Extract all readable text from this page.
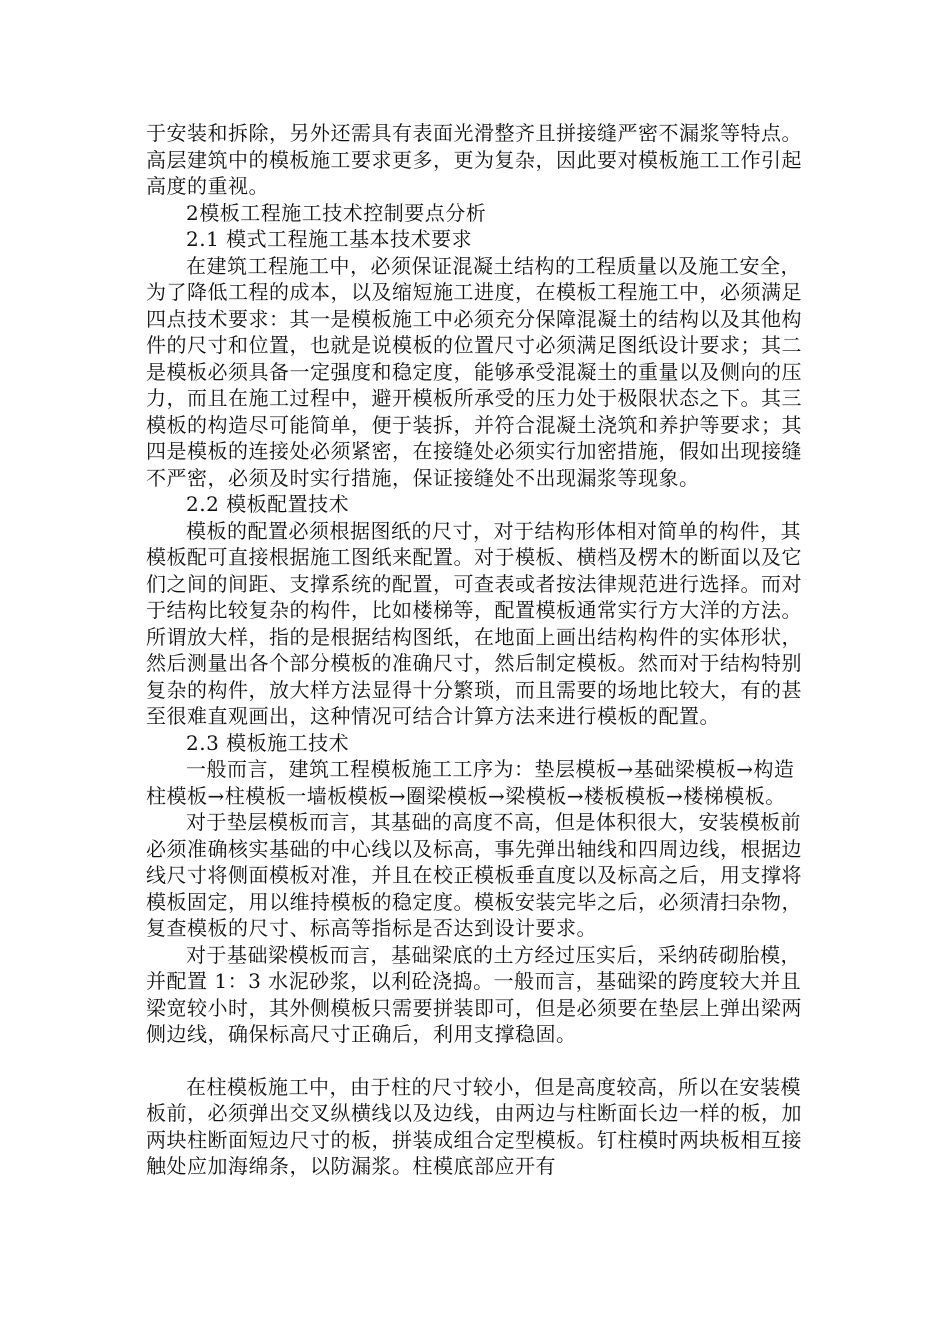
于安装和拆除，另外还需具有表面光滑整齐且拼接缝严密不漏浆等特点。高层建筑中的模板施工要求更多，更为复杂，因此要对模板施工工作引起高度的重视。

2模板工程施工技术控制要点分析

2.1 模式工程施工基本技术要求

在建筑工程施工中，必须保证混凝土结构的工程质量以及施工安全，为了降低工程的成本，以及缩短施工进度，在模板工程施工中，必须满足四点技术要求：其一是模板施工中必须充分保障混凝土的结构以及其他构件的尺寸和位置，也就是说模板的位置尺寸必须满足图纸设计要求；其二是模板必须具备一定强度和稳定度，能够承受混凝土的重量以及侧向的压力，而且在施工过程中，避开模板所承受的压力处于极限状态之下。其三模板的构造尽可能简单，便于装拆，并符合混凝土浇筑和养护等要求；其四是模板的连接处必须紧密，在接缝处必须实行加密措施，假如出现接缝不严密，必须及时实行措施，保证接缝处不出现漏浆等现象。

2.2 模板配置技术

模板的配置必须根据图纸的尺寸，对于结构形体相对简单的构件，其模板配可直接根据施工图纸来配置。对于模板、横档及楞木的断面以及它们之间的间距、支撑系统的配置，可查表或者按法律规范进行选择。而对于结构比较复杂的构件，比如楼梯等，配置模板通常实行方大洋的方法。所谓放大样，指的是根据结构图纸，在地面上画出结构构件的实体形状，然后测量出各个部分模板的准确尺寸，然后制定模板。然而对于结构特别复杂的构件，放大样方法显得十分繁琐，而且需要的场地比较大，有的甚至很难直观画出，这种情况可结合计算方法来进行模板的配置。

2.3 模板施工技术

一般而言，建筑工程模板施工工序为：垫层模板→基础梁模板→构造柱模板→柱模板一墙板模板→圈梁模板→梁模板→楼板模板→楼梯模板。

对于垫层模板而言，其基础的高度不高，但是体积很大，安装模板前必须准确核实基础的中心线以及标高，事先弹出轴线和四周边线，根据边线尺寸将侧面模板对准，并且在校正模板垂直度以及标高之后，用支撑将模板固定，用以维持模板的稳定度。模板安装完毕之后，必须清扫杂物，复查模板的尺寸、标高等指标是否达到设计要求。

对于基础梁模板而言，基础梁底的土方经过压实后，采纳砖砌胎模，并配置 1：3 水泥砂浆，以利砼浇捣。一般而言，基础梁的跨度较大并且梁宽较小时，其外侧模板只需要拼装即可，但是必须要在垫层上弹出梁两侧边线，确保标高尺寸正确后，利用支撑稳固。

在柱模板施工中，由于柱的尺寸较小，但是高度较高，所以在安装模板前，必须弹出交叉纵横线以及边线，由两边与柱断面长边一样的板，加两块柱断面短边尺寸的板，拼装成组合定型模板。钉柱模时两块板相互接触处应加海绵条，以防漏浆。柱模底部应开有
